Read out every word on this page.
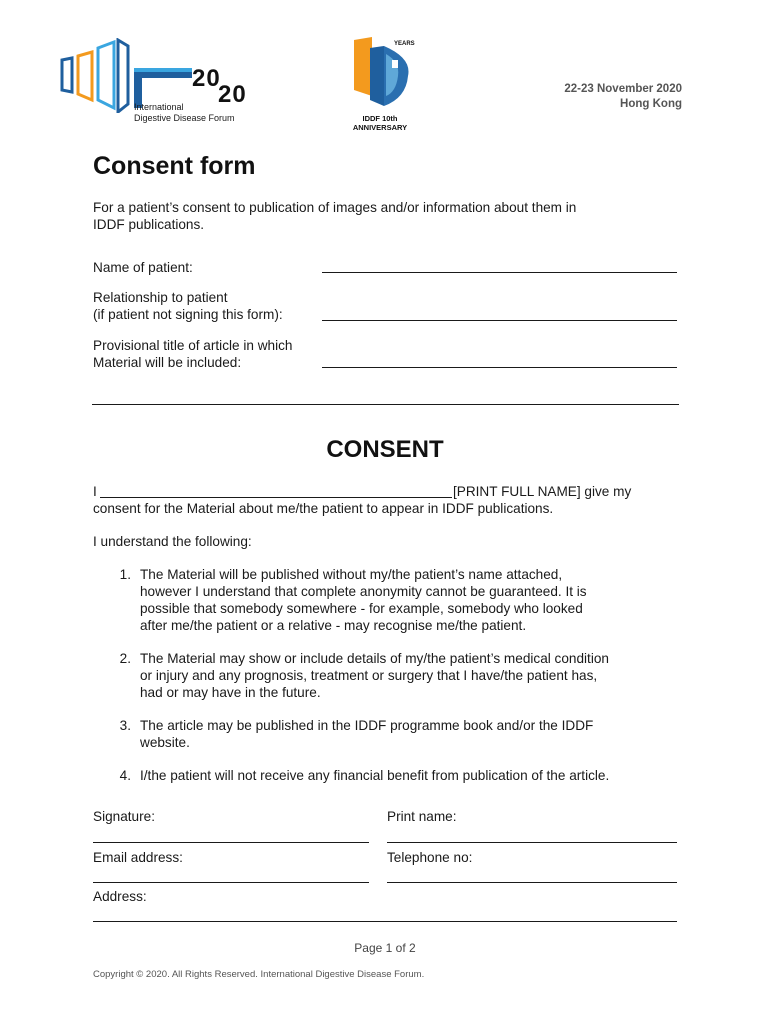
20
20
International
Digestive Disease Forum
YEARS
IDDF 10th
ANNIVERSARY
22-23 November 2020
Hong Kong
Consent form
For a patient’s consent to publication of images and/or information about them in
IDDF publications.
Name of patient:
Relationship to patient
(if patient not signing this form):
Provisional title of article in which
Material will be included:
CONSENT
I	[PRINT FULL NAME] give my
consent for the Material about me/the patient to appear in IDDF publications.
I understand the following:
1. The Material will be published without my/the patient’s name attached,
however I understand that complete anonymity cannot be guaranteed. It is
possible that somebody somewhere - for example, somebody who looked
after me/the patient or a relative - may recognise me/the patient.
2. The Material may show or include details of my/the patient’s medical condition
or injury and any prognosis, treatment or surgery that I have/the patient has,
had or may have in the future.
3. The article may be published in the IDDF programme book and/or the IDDF
website.
4. I/the patient will not receive any financial benefit from publication of the article.
Signature:	Print name:
Email address:	Telephone no:
Address:
Page 1 of 2
Copyright © 2020. All Rights Reserved. International Digestive Disease Forum.
